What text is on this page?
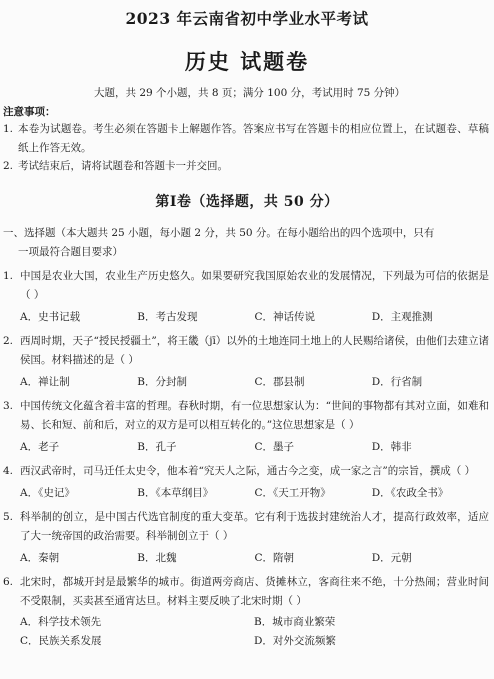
2023 年云南省初中学业水平考试
历史 试题卷
大题，共 29 个小题，共 8 页；满分 100 分，考试用时 75 分钟）
注意事项：
1. 本卷为试题卷。考生必须在答题卡上解题作答。答案应书写在答题卡的相应位置上，在试题卷、草稿纸上作答无效。
2. 考试结束后，请将试题卷和答题卡一并交回。
第Ⅰ卷（选择题，共 50 分）
一、选择题（本大题共 25 小题，每小题 2 分，共 50 分。在每小题给出的四个选项中，只有
一项最符合题目要求）
1. 中国是农业大国，农业生产历史悠久。如果要研究我国原始农业的发展情况，下列最为可信的依据是（ ）
A．史书记载	B．考古发现	C．神话传说	D．主观推测
2. 西周时期，天子“授民授疆土”，将王畿（jī）以外的土地连同土地上的人民赐给诸侯，由他们去建立诸侯国。材料描述的是（ ）
A．禅让制	B．分封制	C．郡县制	D．行省制
3. 中国传统文化蕴含着丰富的哲理。春秋时期，有一位思想家认为：“世间的事物都有其对立面，如难和易、长和短、前和后，对立的双方是可以相互转化的。”这位思想家是（ ）
A．老子	B．孔子	C．墨子	D．韩非
4. 西汉武帝时，司马迁任太史令，他本着“究天人之际，通古今之变，成一家之言”的宗旨，撰成（ ）
A．《史记》	B．《本草纲目》	C．《天工开物》	D．《农政全书》
5. 科举制的创立，是中国古代选官制度的重大变革。它有利于选拔封建统治人才，提高行政效率，适应了大一统帝国的政治需要。科举制创立于（ ）
A．秦朝	B．北魏	C．隋朝	D．元朝
6. 北宋时，都城开封是最繁华的城市。街道两旁商店、货摊林立，客商往来不绝，十分热闹；营业时间不受限制，买卖甚至通宵达旦。材料主要反映了北宋时期（ ）
A．科学技术领先	B．城市商业繁荣
C．民族关系发展	D．对外交流频繁
